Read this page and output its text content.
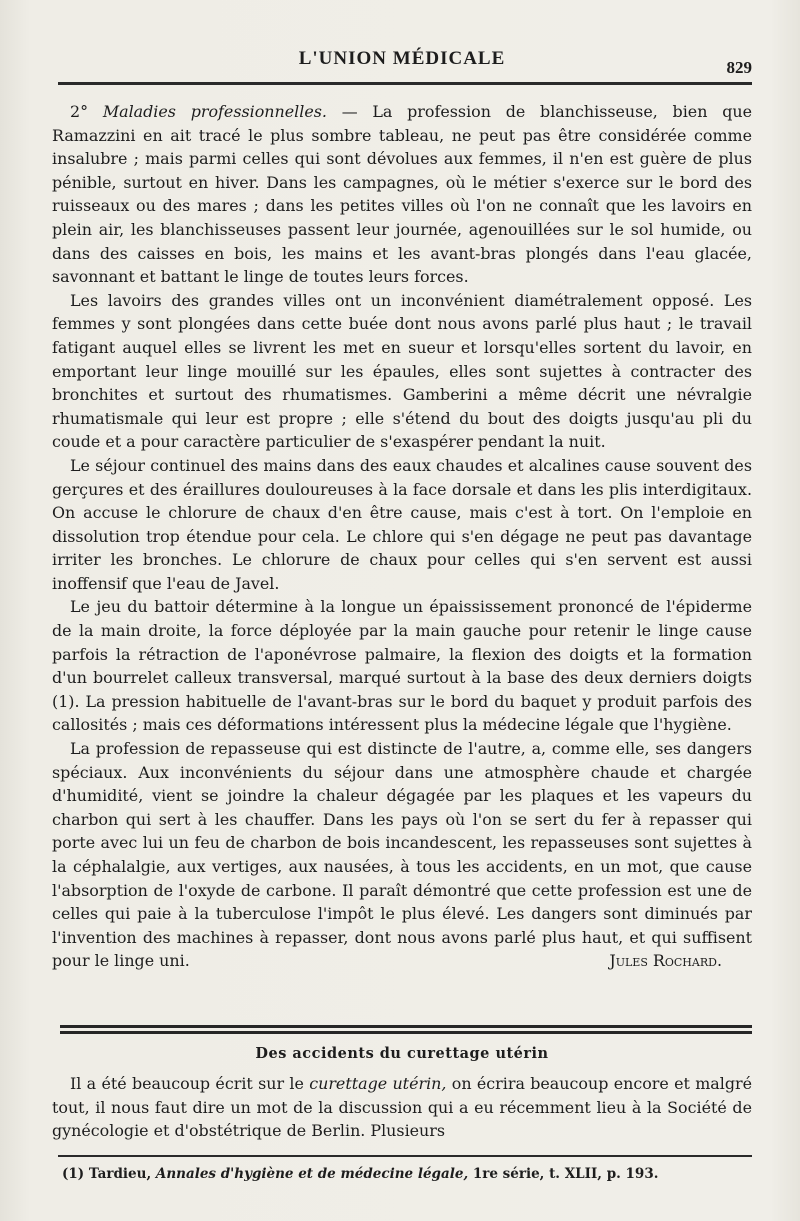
L'UNION MÉDICALE	829

2° Maladies professionnelles. — La profession de blanchisseuse, bien que Ramazzini en ait tracé le plus sombre tableau, ne peut pas être considérée comme insalubre ; mais parmi celles qui sont dévolues aux femmes, il n'en est guère de plus pénible, surtout en hiver. Dans les campagnes, où le métier s'exerce sur le bord des ruisseaux ou des mares ; dans les petites villes où l'on ne connaît que les lavoirs en plein air, les blanchisseuses passent leur journée, agenouillées sur le sol humide, ou dans des caisses en bois, les mains et les avant-bras plongés dans l'eau glacée, savonnant et battant le linge de toutes leurs forces.

Les lavoirs des grandes villes ont un inconvénient diamétralement opposé. Les femmes y sont plongées dans cette buée dont nous avons parlé plus haut ; le travail fatigant auquel elles se livrent les met en sueur et lorsqu'elles sortent du lavoir, en emportant leur linge mouillé sur les épaules, elles sont sujettes à contracter des bronchites et surtout des rhumatismes. Gamberini a même décrit une névralgie rhumatismale qui leur est propre ; elle s'étend du bout des doigts jusqu'au pli du coude et a pour caractère particulier de s'exaspérer pendant la nuit.

Le séjour continuel des mains dans des eaux chaudes et alcalines cause souvent des gerçures et des éraillures douloureuses à la face dorsale et dans les plis interdigitaux. On accuse le chlorure de chaux d'en être cause, mais c'est à tort. On l'emploie en dissolution trop étendue pour cela. Le chlore qui s'en dégage ne peut pas davantage irriter les bronches. Le chlorure de chaux pour celles qui s'en servent est aussi inoffensif que l'eau de Javel.

Le jeu du battoir détermine à la longue un épaississement prononcé de l'épiderme de la main droite, la force déployée par la main gauche pour retenir le linge cause parfois la rétraction de l'aponévrose palmaire, la flexion des doigts et la formation d'un bourrelet calleux transversal, marqué surtout à la base des deux derniers doigts (1). La pression habituelle de l'avant-bras sur le bord du baquet y produit parfois des callosités ; mais ces déformations intéressent plus la médecine légale que l'hygiène.

La profession de repasseuse qui est distincte de l'autre, a, comme elle, ses dangers spéciaux. Aux inconvénients du séjour dans une atmosphère chaude et chargée d'humidité, vient se joindre la chaleur dégagée par les plaques et les vapeurs du charbon qui sert à les chauffer. Dans les pays où l'on se sert du fer à repasser qui porte avec lui un feu de charbon de bois incandescent, les repasseuses sont sujettes à la céphalalgie, aux vertiges, aux nausées, à tous les accidents, en un mot, que cause l'absorption de l'oxyde de carbone. Il paraît démontré que cette profession est une de celles qui paie à la tuberculose l'impôt le plus élevé. Les dangers sont diminués par l'invention des machines à repasser, dont nous avons parlé plus haut, et qui suffisent pour le linge uni.	Jules Rochard.

Des accidents du curettage utérin

Il a été beaucoup écrit sur le curettage utérin, on écrira beaucoup encore et malgré tout, il nous faut dire un mot de la discussion qui a eu récemment lieu à la Société de gynécologie et d'obstétrique de Berlin. Plusieurs

(1) Tardieu, Annales d'hygiène et de médecine légale, 1re série, t. XLII, p. 193.
